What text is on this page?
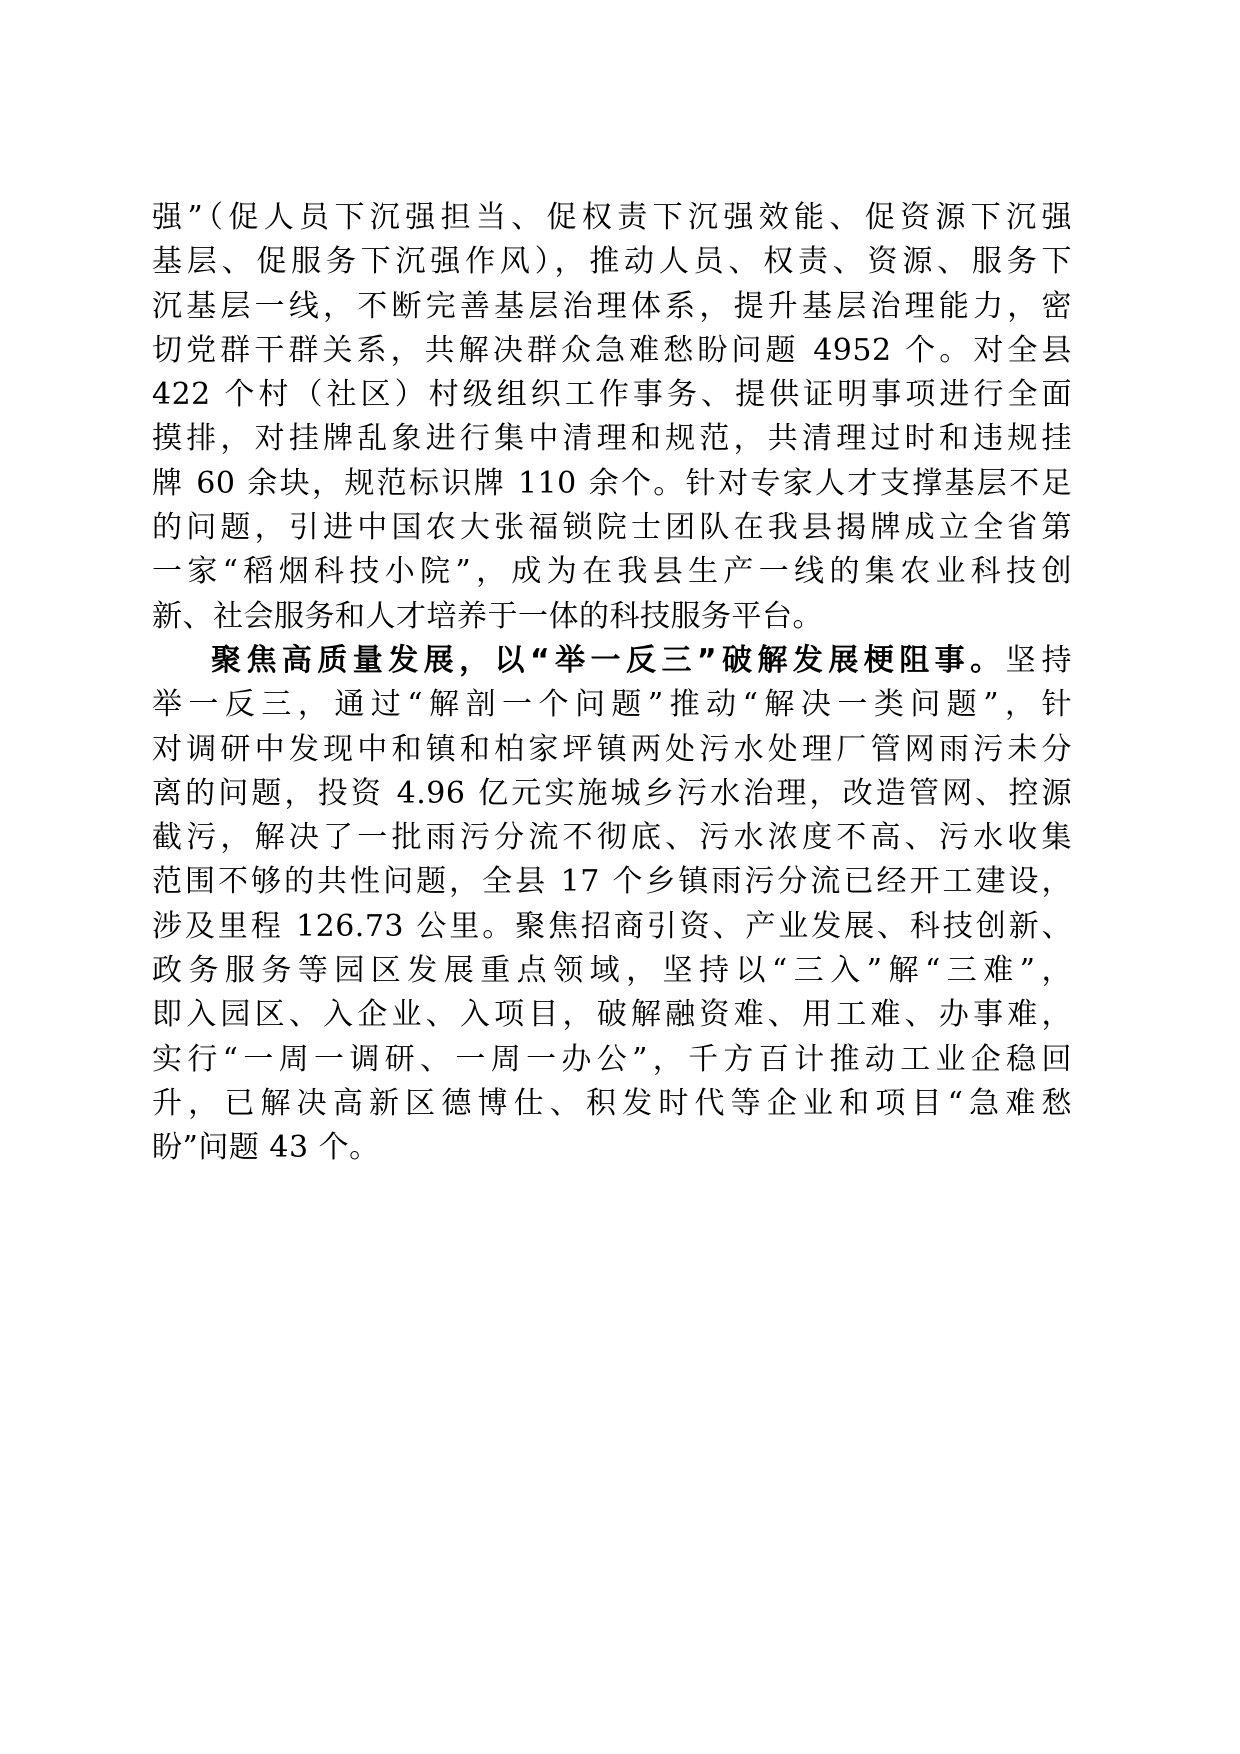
强”（促人员下沉强担当、促权责下沉强效能、促资源下沉强
基层、促服务下沉强作风），推动人员、权责、资源、服务下
沉基层一线，不断完善基层治理体系，提升基层治理能力，密
切党群干群关系，共解决群众急难愁盼问题 4952 个。对全县
422 个村（社区）村级组织工作事务、提供证明事项进行全面
摸排，对挂牌乱象进行集中清理和规范，共清理过时和违规挂
牌 60 余块，规范标识牌 110 余个。针对专家人才支撑基层不足
的问题，引进中国农大张福锁院士团队在我县揭牌成立全省第
一家“稻烟科技小院”，成为在我县生产一线的集农业科技创
新、社会服务和人才培养于一体的科技服务平台。
聚焦高质量发展，以“举一反三”破解发展梗阻事。坚持
举一反三，通过“解剖一个问题”推动“解决一类问题”，针
对调研中发现中和镇和柏家坪镇两处污水处理厂管网雨污未分
离的问题，投资 4.96 亿元实施城乡污水治理，改造管网、控源
截污，解决了一批雨污分流不彻底、污水浓度不高、污水收集
范围不够的共性问题，全县 17 个乡镇雨污分流已经开工建设，
涉及里程 126.73 公里。聚焦招商引资、产业发展、科技创新、
政务服务等园区发展重点领域，坚持以“三入”解“三难”，
即入园区、入企业、入项目，破解融资难、用工难、办事难，
实行“一周一调研、一周一办公”，千方百计推动工业企稳回
升，已解决高新区德博仕、积发时代等企业和项目“急难愁
盼”问题 43 个。
